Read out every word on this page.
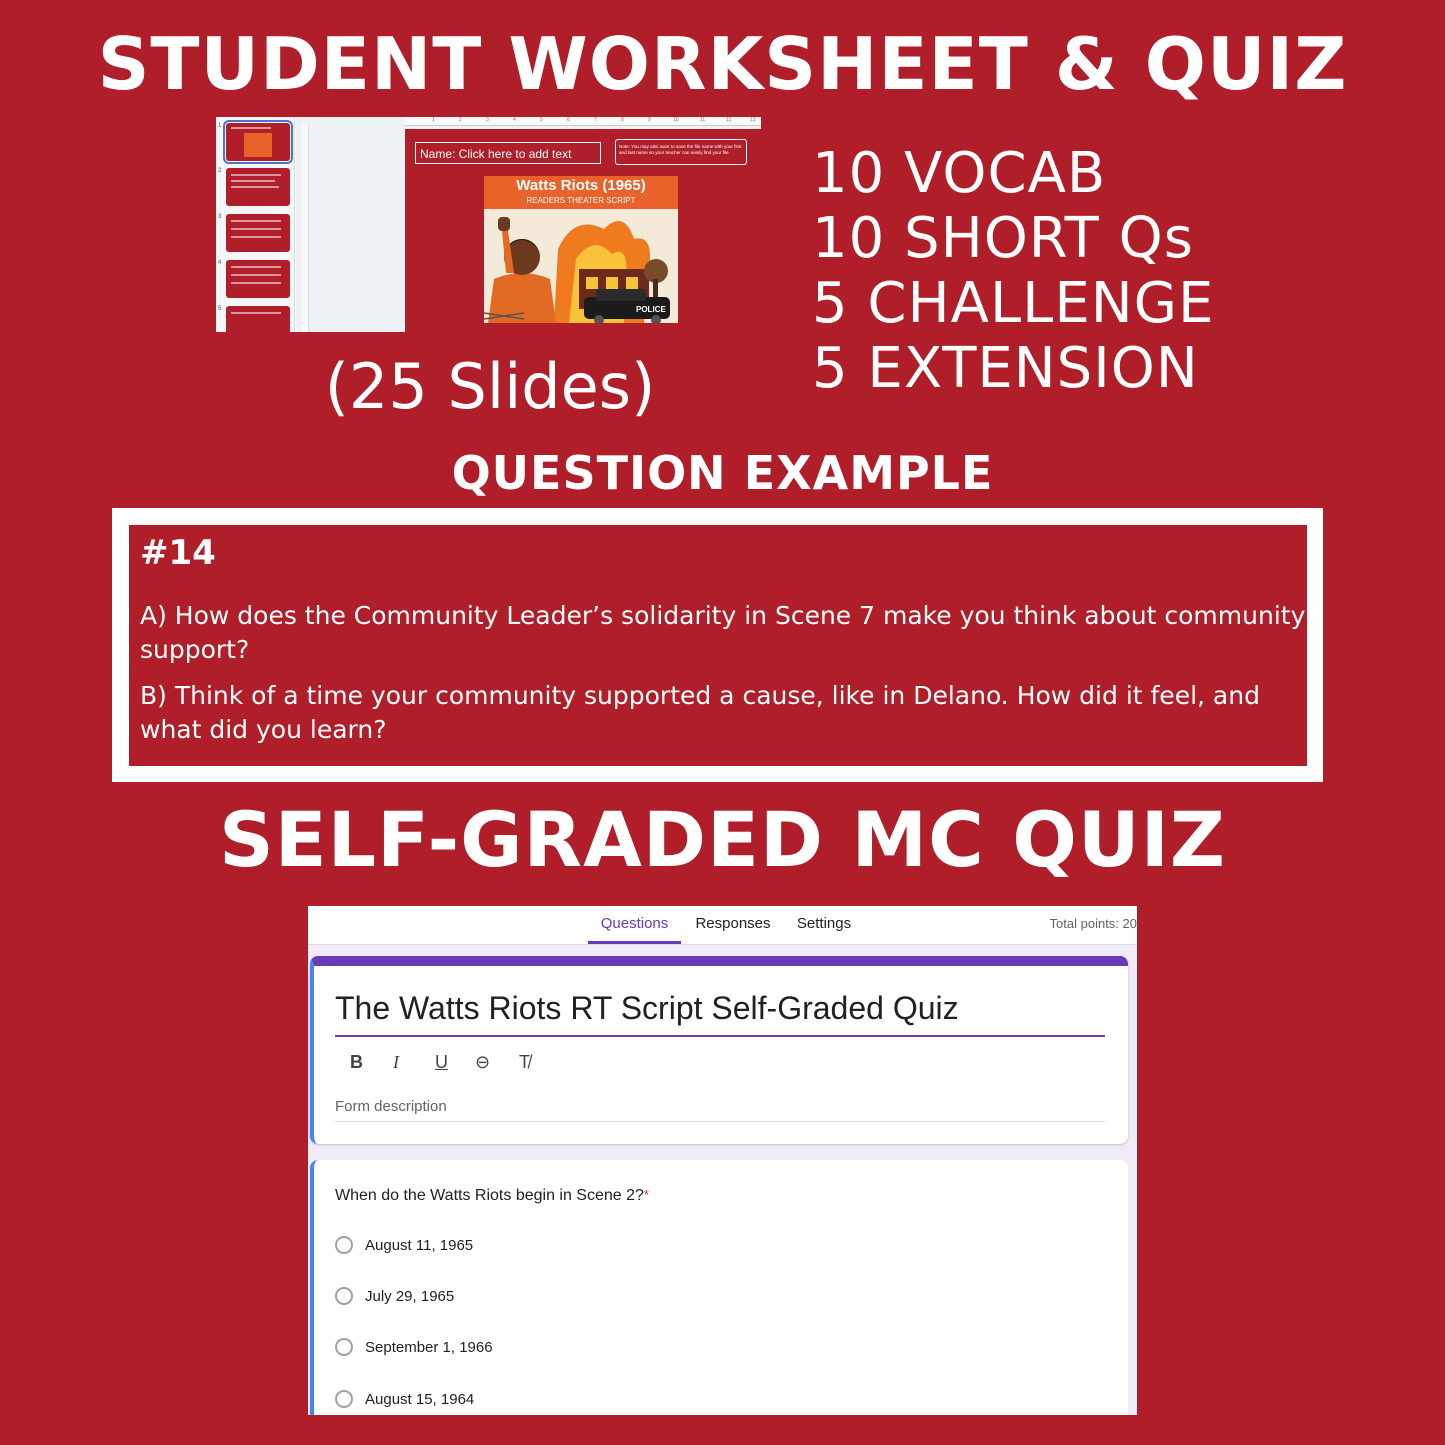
STUDENT WORKSHEET & QUIZ
1
2
3
4
5
1	2	3	4	5	6	7	8	9	10	11	12	13
Name: Click here to add text
Note: You may also want to save the file name with your first and last name so your teacher can easily find your file
Watts Riots (1965)
READERS THEATER SCRIPT
POLICE
(25 Slides)
10 VOCAB
10 SHORT Qs
5 CHALLENGE
5 EXTENSION
QUESTION EXAMPLE
#14
A) How does the Community Leader’s solidarity in Scene 7 make you think about community support?
B) Think of a time your community supported a cause, like in Delano. How did it feel, and what did you learn?
SELF-GRADED MC QUIZ
Questions	Responses Settings	Total points: 20
The Watts Riots RT Script Self-Graded Quiz
B I U ⊖ T̸
Form description
When do the Watts Riots begin in Scene 2?*
August 11, 1965
July 29, 1965
September 1, 1966
August 15, 1964
